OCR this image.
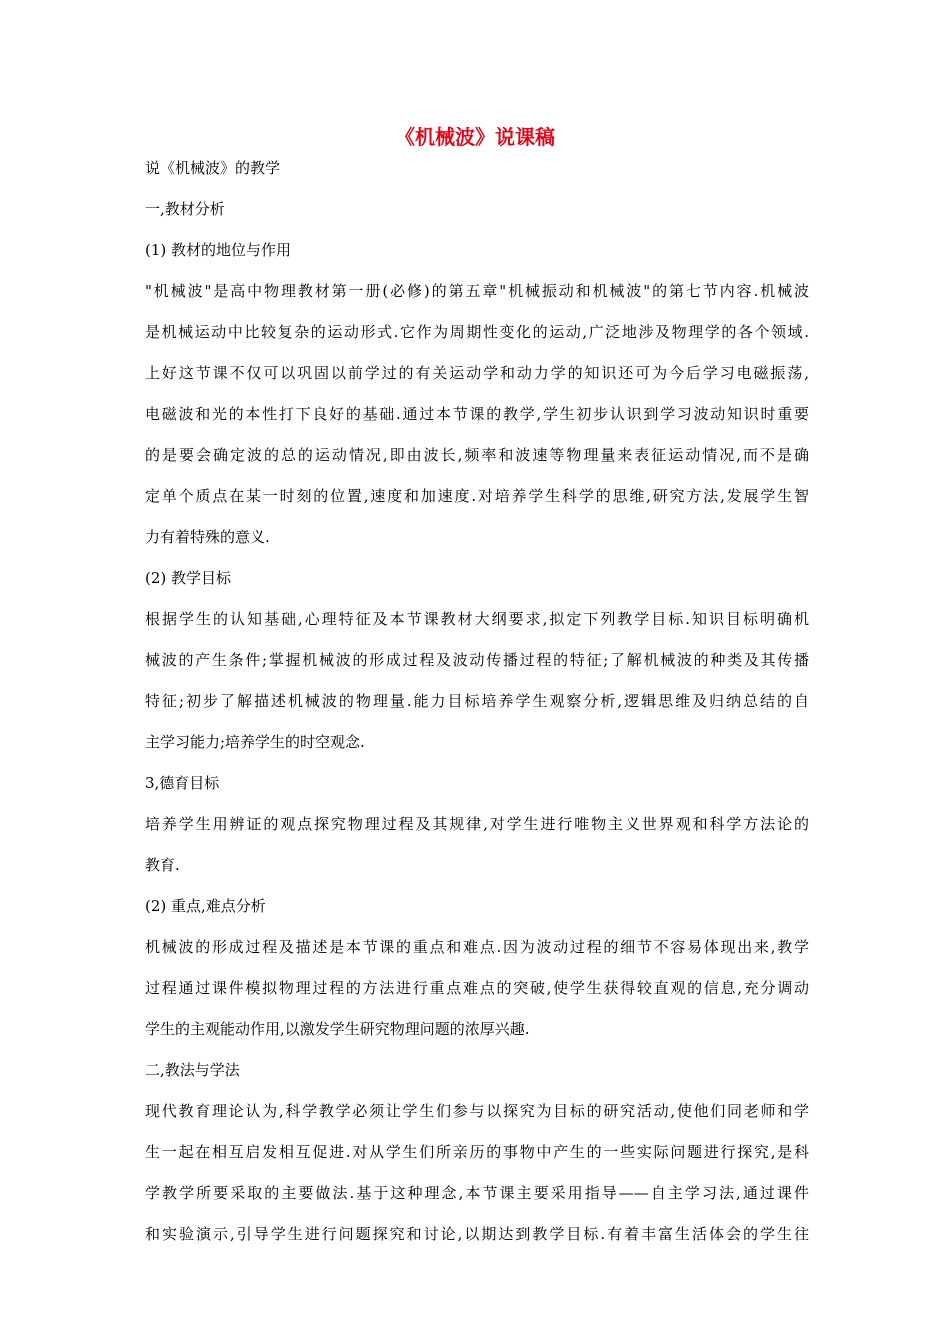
《机械波》说课稿

说《机械波》的教学

一,教材分析

(1) 教材的地位与作用

"机械波"是高中物理教材第一册(必修)的第五章"机械振动和机械波"的第七节内容.机械波

是机械运动中比较复杂的运动形式.它作为周期性变化的运动,广泛地涉及物理学的各个领域.

上好这节课不仅可以巩固以前学过的有关运动学和动力学的知识还可为今后学习电磁振荡,

电磁波和光的本性打下良好的基础.通过本节课的教学,学生初步认识到学习波动知识时重要

的是要会确定波的总的运动情况,即由波长,频率和波速等物理量来表征运动情况,而不是确

定单个质点在某一时刻的位置,速度和加速度.对培养学生科学的思维,研究方法,发展学生智

力有着特殊的意义.

(2) 教学目标

根据学生的认知基础,心理特征及本节课教材大纲要求,拟定下列教学目标.知识目标明确机

械波的产生条件;掌握机械波的形成过程及波动传播过程的特征;了解机械波的种类及其传播

特征;初步了解描述机械波的物理量.能力目标培养学生观察分析,逻辑思维及归纳总结的自

主学习能力;培养学生的时空观念.

3,德育目标

培养学生用辨证的观点探究物理过程及其规律,对学生进行唯物主义世界观和科学方法论的

教育.

(2) 重点,难点分析

机械波的形成过程及描述是本节课的重点和难点.因为波动过程的细节不容易体现出来,教学

过程通过课件模拟物理过程的方法进行重点难点的突破,使学生获得较直观的信息,充分调动

学生的主观能动作用,以激发学生研究物理问题的浓厚兴趣.

二,教法与学法

现代教育理论认为,科学教学必须让学生们参与以探究为目标的研究活动,使他们同老师和学

生一起在相互启发相互促进.对从学生们所亲历的事物中产生的一些实际问题进行探究,是科

学教学所要采取的主要做法.基于这种理念,本节课主要采用指导——自主学习法,通过课件

和实验演示,引导学生进行问题探究和讨论,以期达到教学目标.有着丰富生活体会的学生往
